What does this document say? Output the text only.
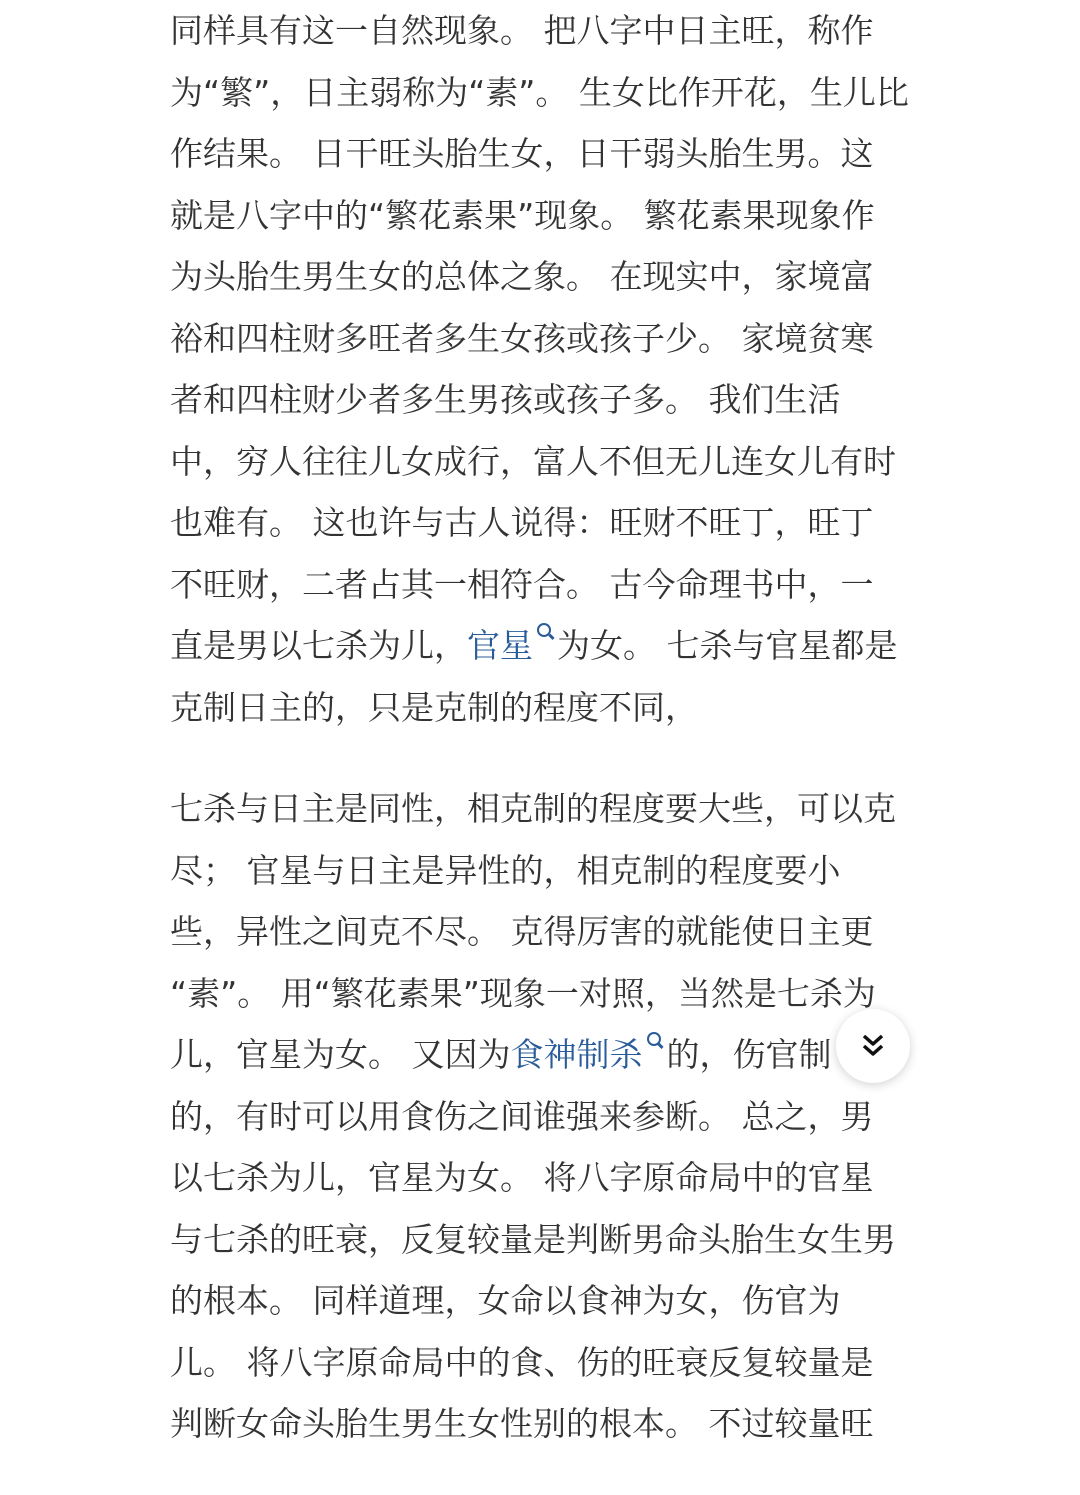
同样具有这一自然现象。 把八字中日主旺，称作
为“繁”，日主弱称为“素”。 生女比作开花，生儿比
作结果。 日干旺头胎生女，日干弱头胎生男。这
就是八字中的“繁花素果”现象。 繁花素果现象作
为头胎生男生女的总体之象。 在现实中，家境富
裕和四柱财多旺者多生女孩或孩子少。 家境贫寒
者和四柱财少者多生男孩或孩子多。 我们生活
中，穷人往往儿女成行，富人不但无儿连女儿有时
也难有。 这也许与古人说得：旺财不旺丁，旺丁
不旺财，二者占其一相符合。 古今命理书中，一
直是男以七杀为儿，官星 为女。 七杀与官星都是
克制日主的，只是克制的程度不同，
七杀与日主是同性，相克制的程度要大些，可以克
尽； 官星与日主是异性的，相克制的程度要小
些，异性之间克不尽。 克得厉害的就能使日主更
“素”。 用“繁花素果”现象一对照，当然是七杀为
儿，官星为女。 又因为食神制杀 的，伤官制
的，有时可以用食伤之间谁强来参断。 总之，男
以七杀为儿，官星为女。 将八字原命局中的官星
与七杀的旺衰，反复较量是判断男命头胎生女生男
的根本。 同样道理，女命以食神为女，伤官为
儿。 将八字原命局中的食、伤的旺衰反复较量是
判断女命头胎生男生女性别的根本。 不过较量旺
